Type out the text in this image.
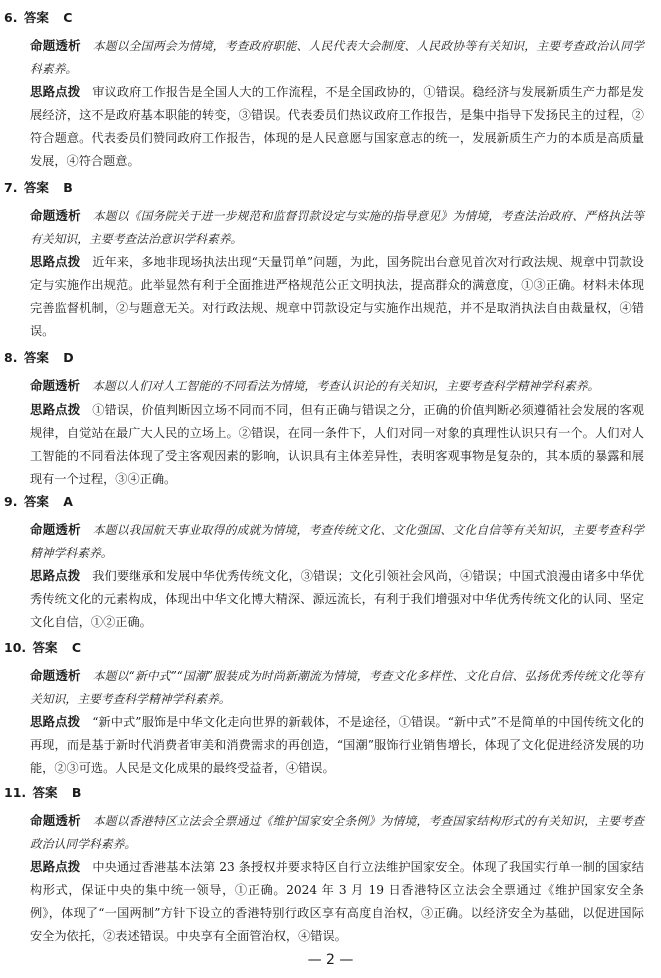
6. 答案 C
命题透析 本题以全国两会为情境，考查政府职能、人民代表大会制度、人民政协等有关知识，主要考查政治认同学科素养。
思路点拨 审议政府工作报告是全国人大的工作流程，不是全国政协的，①错误。稳经济与发展新质生产力都是发展经济，这不是政府基本职能的转变，③错误。代表委员们热议政府工作报告，是集中指导下发扬民主的过程，②符合题意。代表委员们赞同政府工作报告，体现的是人民意愿与国家意志的统一，发展新质生产力的本质是高质量发展，④符合题意。
7. 答案 B
命题透析 本题以《国务院关于进一步规范和监督罚款设定与实施的指导意见》为情境，考查法治政府、严格执法等有关知识，主要考查法治意识学科素养。
思路点拨 近年来，多地非现场执法出现“天量罚单”问题，为此，国务院出台意见首次对行政法规、规章中罚款设定与实施作出规范。此举显然有利于全面推进严格规范公正文明执法，提高群众的满意度，①③正确。材料未体现完善监督机制，②与题意无关。对行政法规、规章中罚款设定与实施作出规范，并不是取消执法自由裁量权，④错误。
8. 答案 D
命题透析 本题以人们对人工智能的不同看法为情境，考查认识论的有关知识，主要考查科学精神学科素养。
思路点拨 ①错误，价值判断因立场不同而不同，但有正确与错误之分，正确的价值判断必须遵循社会发展的客观规律，自觉站在最广大人民的立场上。②错误，在同一条件下，人们对同一对象的真理性认识只有一个。人们对人工智能的不同看法体现了受主客观因素的影响，认识具有主体差异性，表明客观事物是复杂的，其本质的暴露和展现有一个过程，③④正确。
9. 答案 A
命题透析 本题以我国航天事业取得的成就为情境，考查传统文化、文化强国、文化自信等有关知识，主要考查科学精神学科素养。
思路点拨 我们要继承和发展中华优秀传统文化，③错误；文化引领社会风尚，④错误；中国式浪漫由诸多中华优秀传统文化的元素构成，体现出中华文化博大精深、源远流长，有利于我们增强对中华优秀传统文化的认同、坚定文化自信，①②正确。
10. 答案 C
命题透析 本题以“新中式”“国潮”服装成为时尚新潮流为情境，考查文化多样性、文化自信、弘扬优秀传统文化等有关知识，主要考查科学精神学科素养。
思路点拨 “新中式”服饰是中华文化走向世界的新载体，不是途径，①错误。“新中式”不是简单的中国传统文化的再现，而是基于新时代消费者审美和消费需求的再创造，“国潮”服饰行业销售增长，体现了文化促进经济发展的功能，②③可选。人民是文化成果的最终受益者，④错误。
11. 答案 B
命题透析 本题以香港特区立法会全票通过《维护国家安全条例》为情境，考查国家结构形式的有关知识，主要考查政治认同学科素养。
思路点拨 中央通过香港基本法第 23 条授权并要求特区自行立法维护国家安全。体现了我国实行单一制的国家结构形式，保证中央的集中统一领导，①正确。2024 年 3 月 19 日香港特区立法会全票通过《维护国家安全条例》，体现了“一国两制”方针下设立的香港特别行政区享有高度自治权，③正确。以经济安全为基础，以促进国际安全为依托，②表述错误。中央享有全面管治权，④错误。
— 2 —
